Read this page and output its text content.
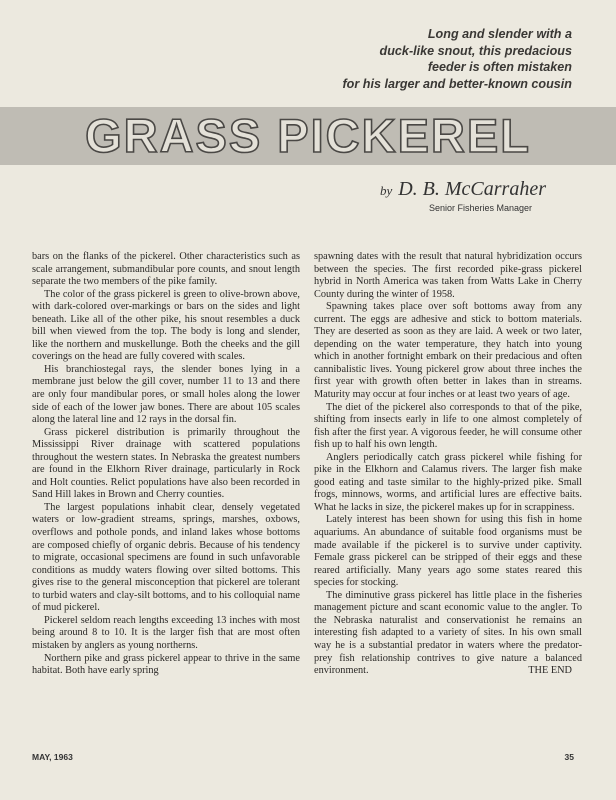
Long and slender with a
duck-like snout, this predacious
feeder is often mistaken
for his larger and better-known cousin
GRASS PICKEREL
by D. B. McCarraher
Senior Fisheries Manager

bars on the flanks of the pickerel. Other characteristics such as scale arrangement, submandibular pore counts, and snout length separate the two members of the pike family.

The color of the grass pickerel is green to olive-brown above, with dark-colored over-markings or bars on the sides and light beneath. Like all of the other pike, his snout resembles a duck bill when viewed from the top. The body is long and slender, like the northern and muskellunge. Both the cheeks and the gill coverings on the head are fully covered with scales.

His branchiostegal rays, the slender bones lying in a membrane just below the gill cover, number 11 to 13 and there are only four mandibular pores, or small holes along the lower side of each of the lower jaw bones. There are about 105 scales along the lateral line and 12 rays in the dorsal fin.

Grass pickerel distribution is primarily throughout the Mississippi River drainage with scattered populations throughout the western states. In Nebraska the greatest numbers are found in the Elkhorn River drainage, particularly in Rock and Holt counties. Relict populations have also been recorded in Sand Hill lakes in Brown and Cherry counties.

The largest populations inhabit clear, densely vegetated waters or low-gradient streams, springs, marshes, oxbows, overflows and pothole ponds, and inland lakes whose bottoms are composed chiefly of organic debris. Because of his tendency to migrate, occasional specimens are found in such unfavorable conditions as muddy waters flowing over silted bottoms. This gives rise to the general misconception that pickerel are tolerant to turbid waters and clay-silt bottoms, and to his colloquial name of mud pickerel.

Pickerel seldom reach lengths exceeding 13 inches with most being around 8 to 10. It is the larger fish that are most often mistaken by anglers as young northerns.

Northern pike and grass pickerel appear to thrive in the same habitat. Both have early spring

spawning dates with the result that natural hybridization occurs between the species. The first recorded pike-grass pickerel hybrid in North America was taken from Watts Lake in Cherry County during the winter of 1958.

Spawning takes place over soft bottoms away from any current. The eggs are adhesive and stick to bottom materials. They are deserted as soon as they are laid. A week or two later, depending on the water temperature, they hatch into young which in another fortnight embark on their predacious and often cannibalistic lives. Young pickerel grow about three inches the first year with growth often better in lakes than in streams. Maturity may occur at four inches or at least two years of age.

The diet of the pickerel also corresponds to that of the pike, shifting from insects early in life to one almost completely of fish after the first year. A vigorous feeder, he will consume other fish up to half his own length.

Anglers periodically catch grass pickerel while fishing for pike in the Elkhorn and Calamus rivers. The larger fish make good eating and taste similar to the highly-prized pike. Small frogs, minnows, worms, and artificial lures are effective baits. What he lacks in size, the pickerel makes up for in scrappiness.

Lately interest has been shown for using this fish in home aquariums. An abundance of suitable food organisms must be made available if the pickerel is to survive under captivity. Female grass pickerel can be stripped of their eggs and these reared artificially. Many years ago some states reared this species for stocking.

The diminutive grass pickerel has little place in the fisheries management picture and scant economic value to the angler. To the Nebraska naturalist and conservationist he remains an interesting fish adapted to a variety of sites. In his own small way he is a substantial predator in waters where the predator-prey fish relationship contrives to give nature a balanced environment.	THE END

MAY, 1963	35
